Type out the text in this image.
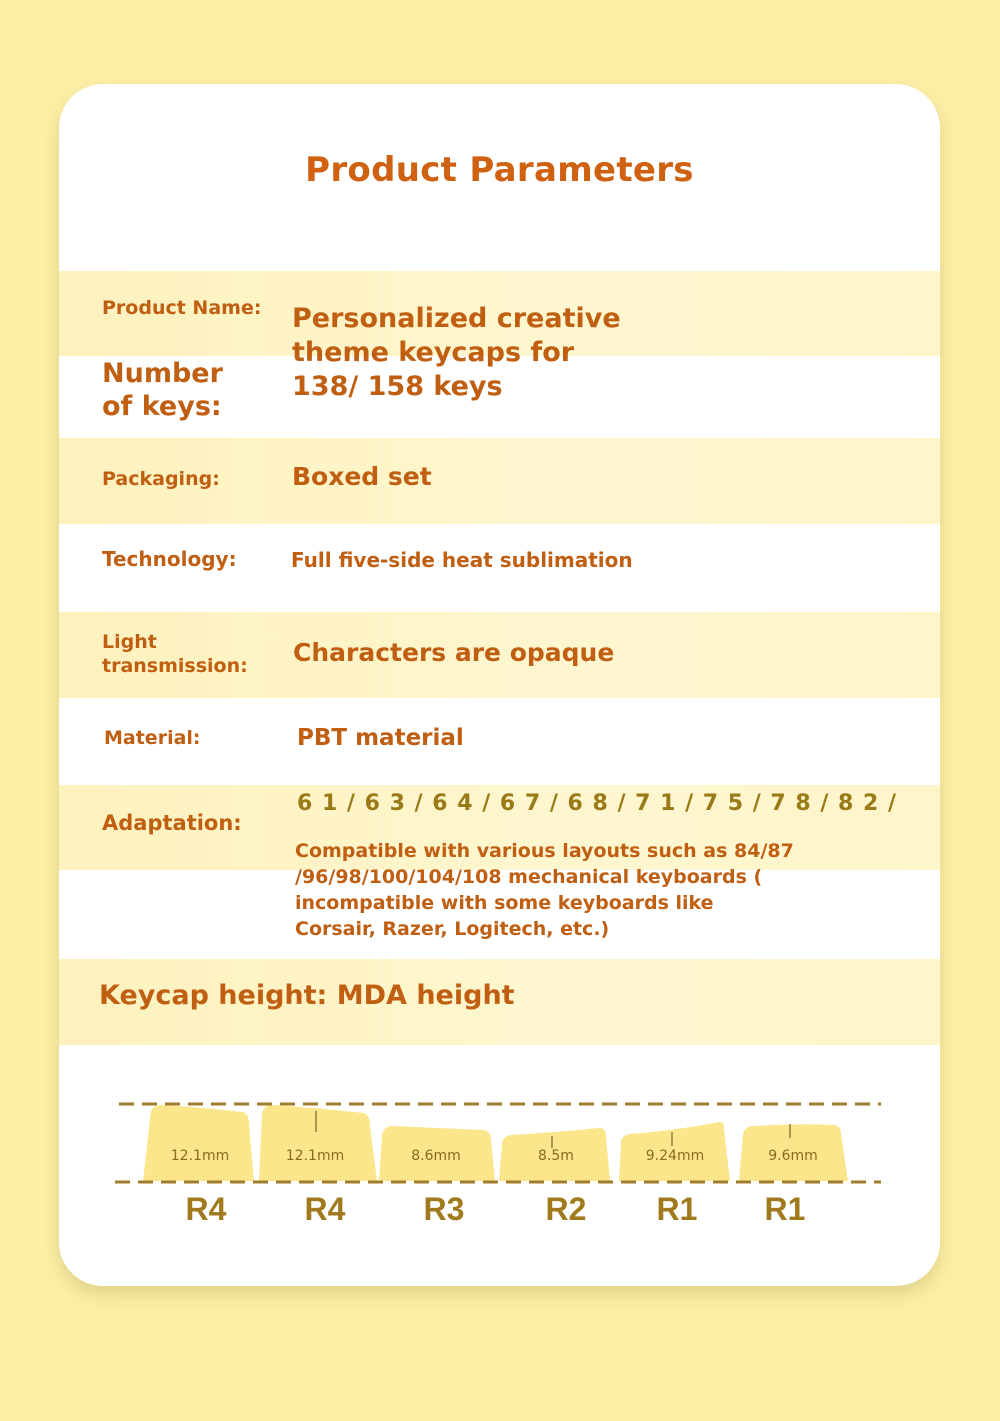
Product Parameters
Product Name: Personalized creative theme keycaps for 138/ 158 keys
Number of keys:
Packaging:	Boxed set
Technology:	Full five-side heat sublimation
Light transmission:	Characters are opaque
Material:	PBT material
Adaptation:
6 1 / 6 3 / 6 4 / 6 7 / 6 8 / 7 1 / 7 5 / 7 8 / 8 2 /
Compatible with various layouts such as 84/87 /96/98/100/104/108 mechanical keyboards ( incompatible with some keyboards like Corsair, Razer, Logitech, etc.)
Keycap height: MDA height
12.1mm	12.1mm	8.6mm	8.5m	9.24mm	9.6mm
R4 R4 R3	R2 R1 R1
